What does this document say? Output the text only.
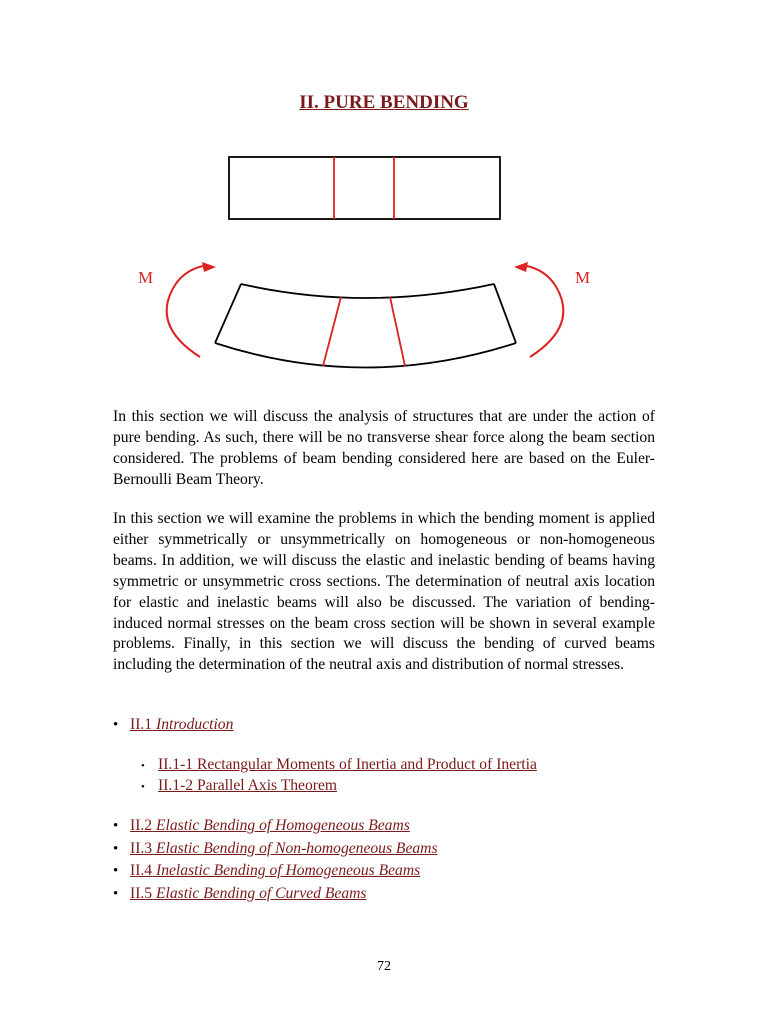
II. PURE BENDING
M	M

In this section we will discuss the analysis of structures that are under the action of pure bending. As such, there will be no transverse shear force along the beam section considered. The problems of beam bending considered here are based on the Euler-Bernoulli Beam Theory.

In this section we will examine the problems in which the bending moment is applied either symmetrically or unsymmetrically on homogeneous or non-homogeneous beams. In addition, we will discuss the elastic and inelastic bending of beams having symmetric or unsymmetric cross sections. The determination of neutral axis location for elastic and inelastic beams will also be discussed. The variation of bending-induced normal stresses on the beam cross section will be shown in several example problems. Finally, in this section we will discuss the bending of curved beams including the determination of the neutral axis and distribution of normal stresses.

• II.1 Introduction
• II.1-1 Rectangular Moments of Inertia and Product of Inertia
• II.1-2 Parallel Axis Theorem
• II.2 Elastic Bending of Homogeneous Beams
• II.3 Elastic Bending of Non-homogeneous Beams
• II.4 Inelastic Bending of Homogeneous Beams
• II.5 Elastic Bending of Curved Beams
72
